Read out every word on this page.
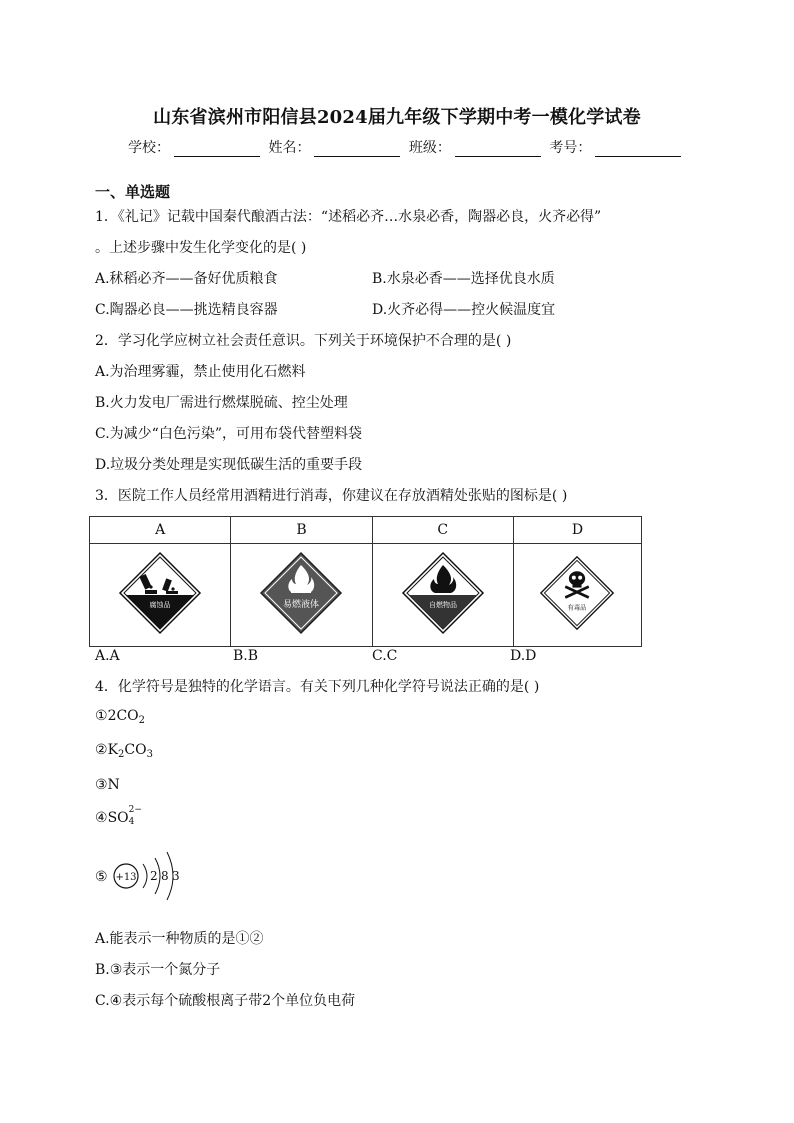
山东省滨州市阳信县2024届九年级下学期中考一模化学试卷
学校：	姓名：	班级：	考号：
一、单选题
1．《礼记》记载中国秦代酿酒古法：“述稻必齐…水泉必香，陶器必良，火齐必得”
。上述步骤中发生化学变化的是( )
A.秫稻必齐——备好优质粮食	B.水泉必香——选择优良水质
C.陶器必良——挑选精良容器	D.火齐必得——控火候温度宜
2．学习化学应树立社会责任意识。下列关于环境保护不合理的是( )
A.为治理雾霾，禁止使用化石燃料
B.火力发电厂需进行燃煤脱硫、控尘处理
C.为减少“白色污染”，可用布袋代替塑料袋
D.垃圾分类处理是实现低碳生活的重要手段
3．医院工作人员经常用酒精进行消毒，你建议在存放酒精处张贴的图标是( )
A	B	C	D

腐蚀品	易燃液体	自燃物品	有毒品
A.A	B.B	C.C	D.D
4．化学符号是独特的化学语言。有关下列几种化学符号说法正确的是( )
$①2CO_2$
$②K_2CO_3$
③N
④SO 2−
4
⑤ +13 2 8 3
A.能表示一种物质的是①②
B.③表示一个氮分子
C.④表示每个硫酸根离子带2个单位负电荷
